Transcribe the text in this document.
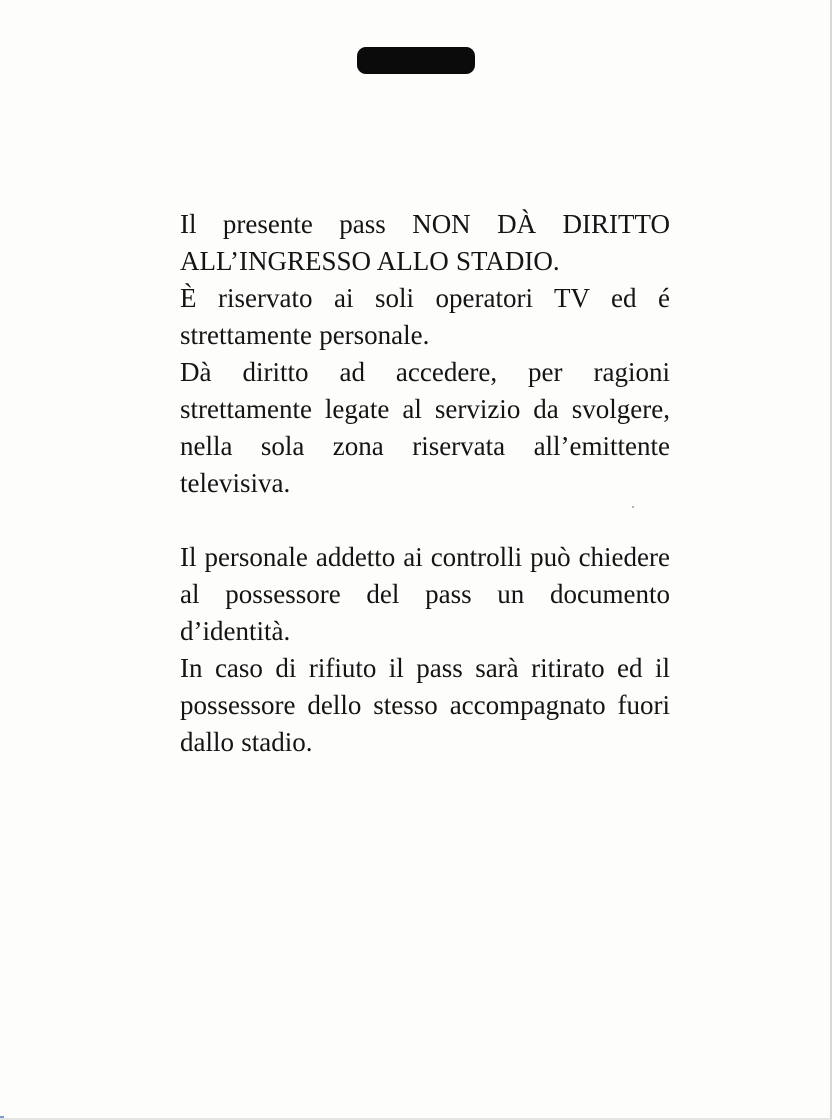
Il presente pass NON DÀ DIRITTO ALL’INGRESSO ALLO STADIO.

È riservato ai soli operatori TV ed é strettamente personale.

Dà diritto ad accedere, per ragioni strettamente legate al servizio da svolgere, nella sola zona riservata all’emittente televisiva.

Il personale addetto ai controlli può chiedere al possessore del pass un documento d’identità.

In caso di rifiuto il pass sarà ritirato ed il possessore dello stesso accompagnato fuori dallo stadio.
